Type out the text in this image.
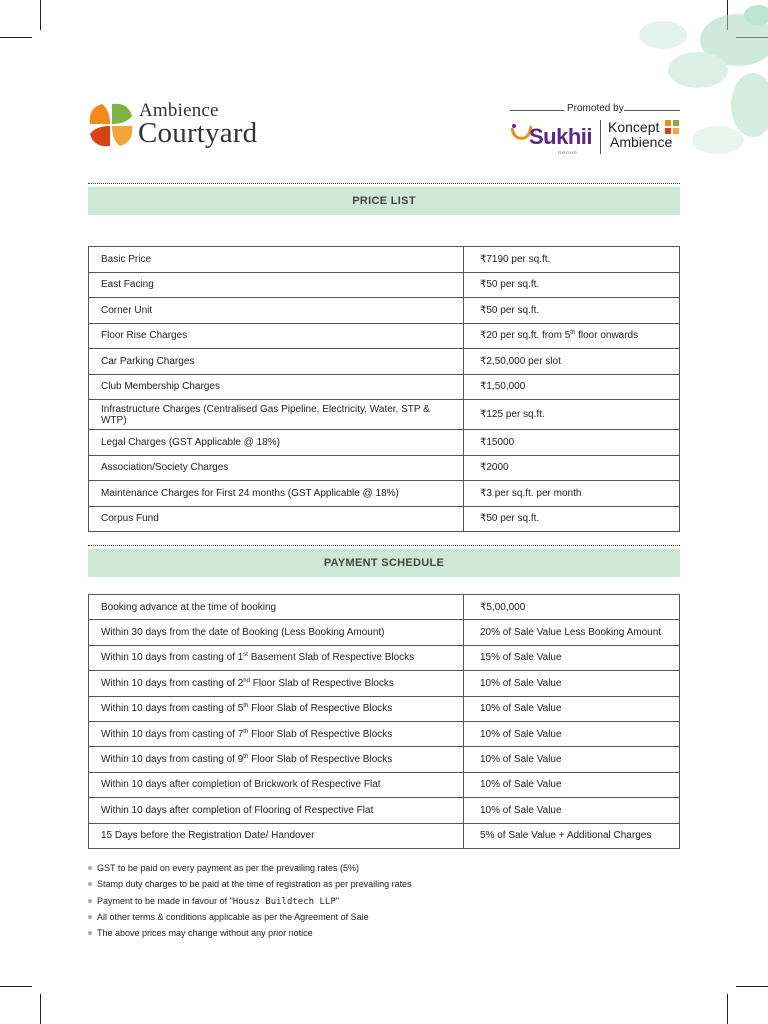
Ambience
Courtyard
Promoted by
Sukhii
GROUP
Koncept
Ambience
PRICE LIST
Basic Price	₹7190 per sq.ft.
East Facing	₹50 per sq.ft.
Corner Unit	₹50 per sq.ft.
Floor Rise Charges	₹20 per sq.ft. from 5th floor onwards
Car Parking Charges	₹2,50,000 per slot
Club Membership Charges	₹1,50,000
Infrastructure Charges (Centralised Gas Pipeline, Electricity, Water, STP & WTP)	₹125 per sq.ft.
Legal Charges (GST Applicable @ 18%)	₹15000
Association/Society Charges	₹2000
Maintenance Charges for First 24 months (GST Applicable @ 18%)	₹3 per sq.ft. per month
Corpus Fund	₹50 per sq.ft.
PAYMENT SCHEDULE
Booking advance at the time of booking	₹5,00,000
Within 30 days from the date of Booking (Less Booking Amount)	20% of Sale Value Less Booking Amount
Within 10 days from casting of 1st Basement Slab of Respective Blocks	15% of Sale Value
Within 10 days from casting of 2nd Floor Slab of Respective Blocks	10% of Sale Value
Within 10 days from casting of 5th Floor Slab of Respective Blocks	10% of Sale Value
Within 10 days from casting of 7th Floor Slab of Respective Blocks	10% of Sale Value
Within 10 days from casting of 9th Floor Slab of Respective Blocks	10% of Sale Value
Within 10 days after completion of Brickwork of Respective Flat	10% of Sale Value
Within 10 days after completion of Flooring of Respective Flat	10% of Sale Value
15 Days before the Registration Date/ Handover	5% of Sale Value + Additional Charges
GST to be paid on every payment as per the prevailing rates (5%)
Stamp duty charges to be paid at the time of registration as per prevailing rates
Payment to be made in favour of "Housz Buildtech LLP"
All other terms & conditions applicable as per the Agreement of Sale
The above prices may change without any prior notice
